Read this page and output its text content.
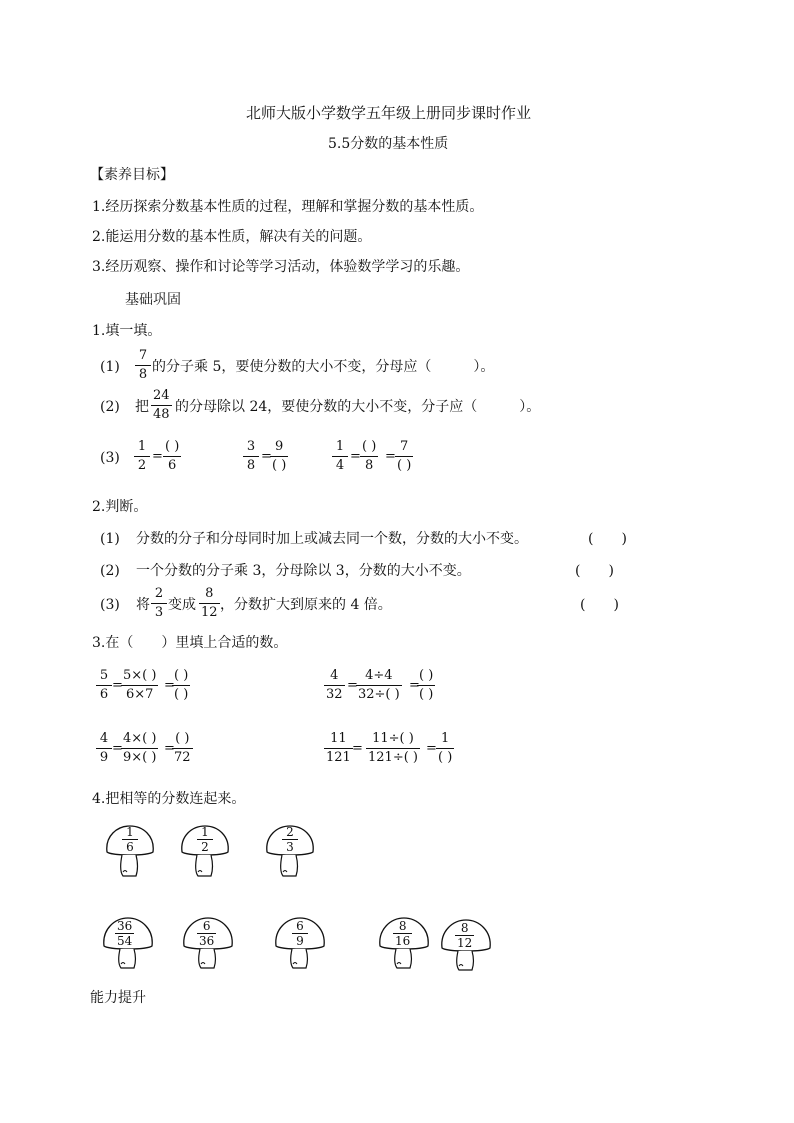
北师大版小学数学五年级上册同步课时作业
5.5分数的基本性质
【素养目标】
1.经历探索分数基本性质的过程，理解和掌握分数的基本性质。
2.能运用分数的基本性质，解决有关的问题。
3.经历观察、操作和讨论等学习活动，体验数学学习的乐趣。
基础巩固
1.填一填。
(1)
7
8 的分子乘 5，要使分数的大小不变，分母应（　　　）。
(2) 把
24
48 的分母除以 24，要使分数的大小不变，分子应（　　　）。
(3)
1
2
=
( )
6
3
8
=
9
( )
1
4
=
( )
8
=
7
( )
2.判断。
(1) 分数的分子和分母同时加上或减去同一个数，分数的大小不变。	(　　)
(2) 一个分数的分子乘 3，分母除以 3，分数的大小不变。	(　　)
(3) 将
2
3 变成
8
12 ，分数扩大到原来的 4 倍。	(　　)
3.在（　　）里填上合适的数。
5
6
=
5×( )
6×7
=
( )
( )
4
32
=
4÷4
32÷( )
=
( )
( )
4
9
=
4×( )
9×( )
=
( )
72
11
121
=
11÷( )
121÷( )
=
1
( )
4.把相等的分数连起来。
1
6
1
2
2
3
36
54
6
36
6
9
8
16
8
12
能力提升
